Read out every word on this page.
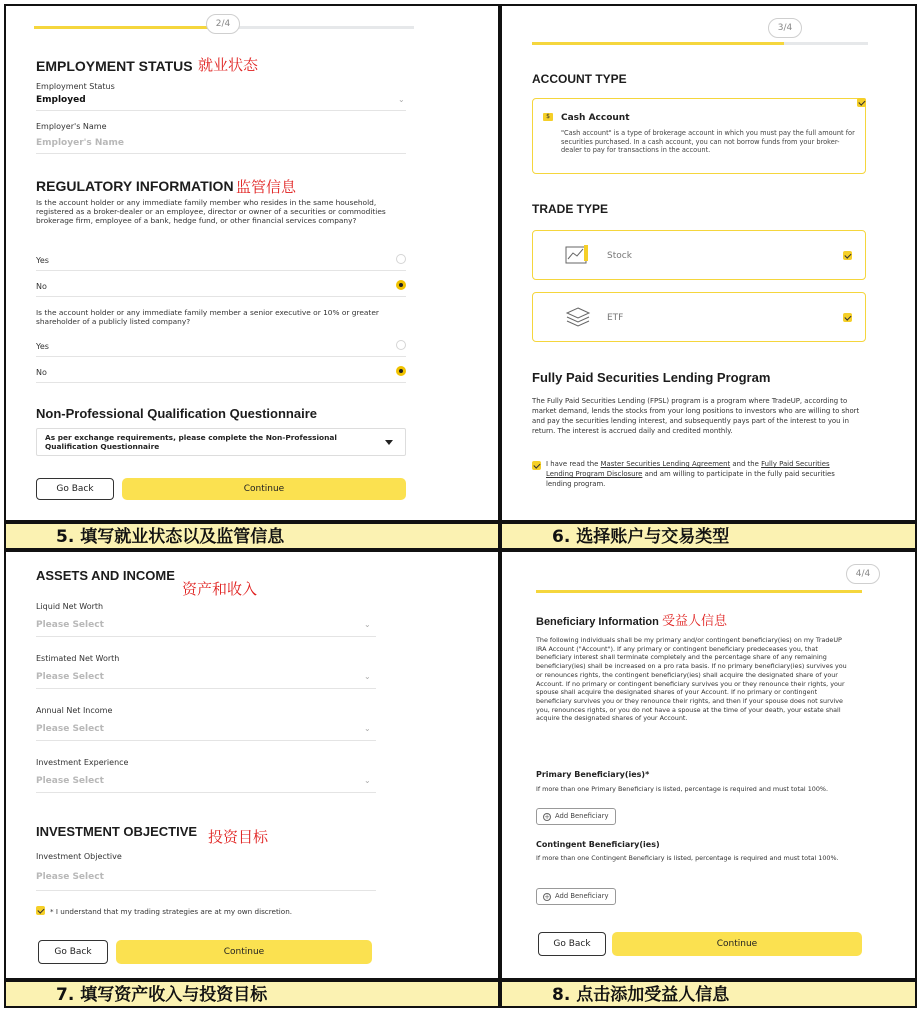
2/4
EMPLOYMENT STATUS 就业状态
Employment Status
Employed	⌄
Employer's Name
Employer's Name
REGULATORY INFORMATION 监管信息
Is the account holder or any immediate family member who resides in the same household, registered as a broker-dealer or an employee, director or owner of a securities or commodities brokerage firm, employee of a bank, hedge fund, or other financial services company?
Yes
No
Is the account holder or any immediate family member a senior executive or 10% or greater shareholder of a publicly listed company?
Yes
No
Non-Professional Qualification Questionnaire
As per exchange requirements, please complete the Non-Professional Qualification Questionnaire
Go Back	Continue
5. 填写就业状态以及监管信息
3/4
ACCOUNT TYPE
$	Cash Account
"Cash account" is a type of brokerage account in which you must pay the full amount for securities purchased. In a cash account, you can not borrow funds from your broker-dealer to pay for transactions in the account.
TRADE TYPE
Stock
ETF
Fully Paid Securities Lending Program
The Fully Paid Securities Lending (FPSL) program is a program where TradeUP, according to market demand, lends the stocks from your long positions to investors who are willing to short and pay the securities lending interest, and subsequently pays part of the interest to you in return. The interest is accrued daily and credited monthly.
I have read the Master Securities Lending Agreement and the Fully Paid Securities Lending Program Disclosure and am willing to participate in the fully paid securities lending program.
6. 选择账户与交易类型
ASSETS AND INCOME
资产和收入
Liquid Net Worth
Please Select	⌄
Estimated Net Worth
Please Select	⌄
Annual Net Income
Please Select	⌄
Investment Experience
Please Select	⌄
INVESTMENT OBJECTIVE 投资目标
Investment Objective
Please Select
* I understand that my trading strategies are at my own discretion.
Go Back	Continue
7. 填写资产收入与投资目标
4/4
Beneficiary Information 受益人信息
The following individuals shall be my primary and/or contingent beneficiary(ies) on my TradeUP IRA Account ("Account"). If any primary or contingent beneficiary predeceases you, that beneficiary interest shall terminate completely and the percentage share of any remaining beneficiary(ies) shall be increased on a pro rata basis. If no primary beneficiary(ies) survives you or renounces rights, the contingent beneficiary(ies) shall acquire the designated share of your Account. If no primary or contingent beneficiary survives you or they renounce their rights, your spouse shall acquire the designated shares of your Account. If no primary or contingent beneficiary survives you or they renounce their rights, and then if your spouse does not survive you, renounces rights, or you do not have a spouse at the time of your death, your estate shall acquire the designated shares of your Account.
Primary Beneficiary(ies)*
If more than one Primary Beneficiary is listed, percentage is required and must total 100%.
+ Add Beneficiary
Contingent Beneficiary(ies)
If more than one Contingent Beneficiary is listed, percentage is required and must total 100%.
+ Add Beneficiary
Go Back	Continue
8. 点击添加受益人信息
